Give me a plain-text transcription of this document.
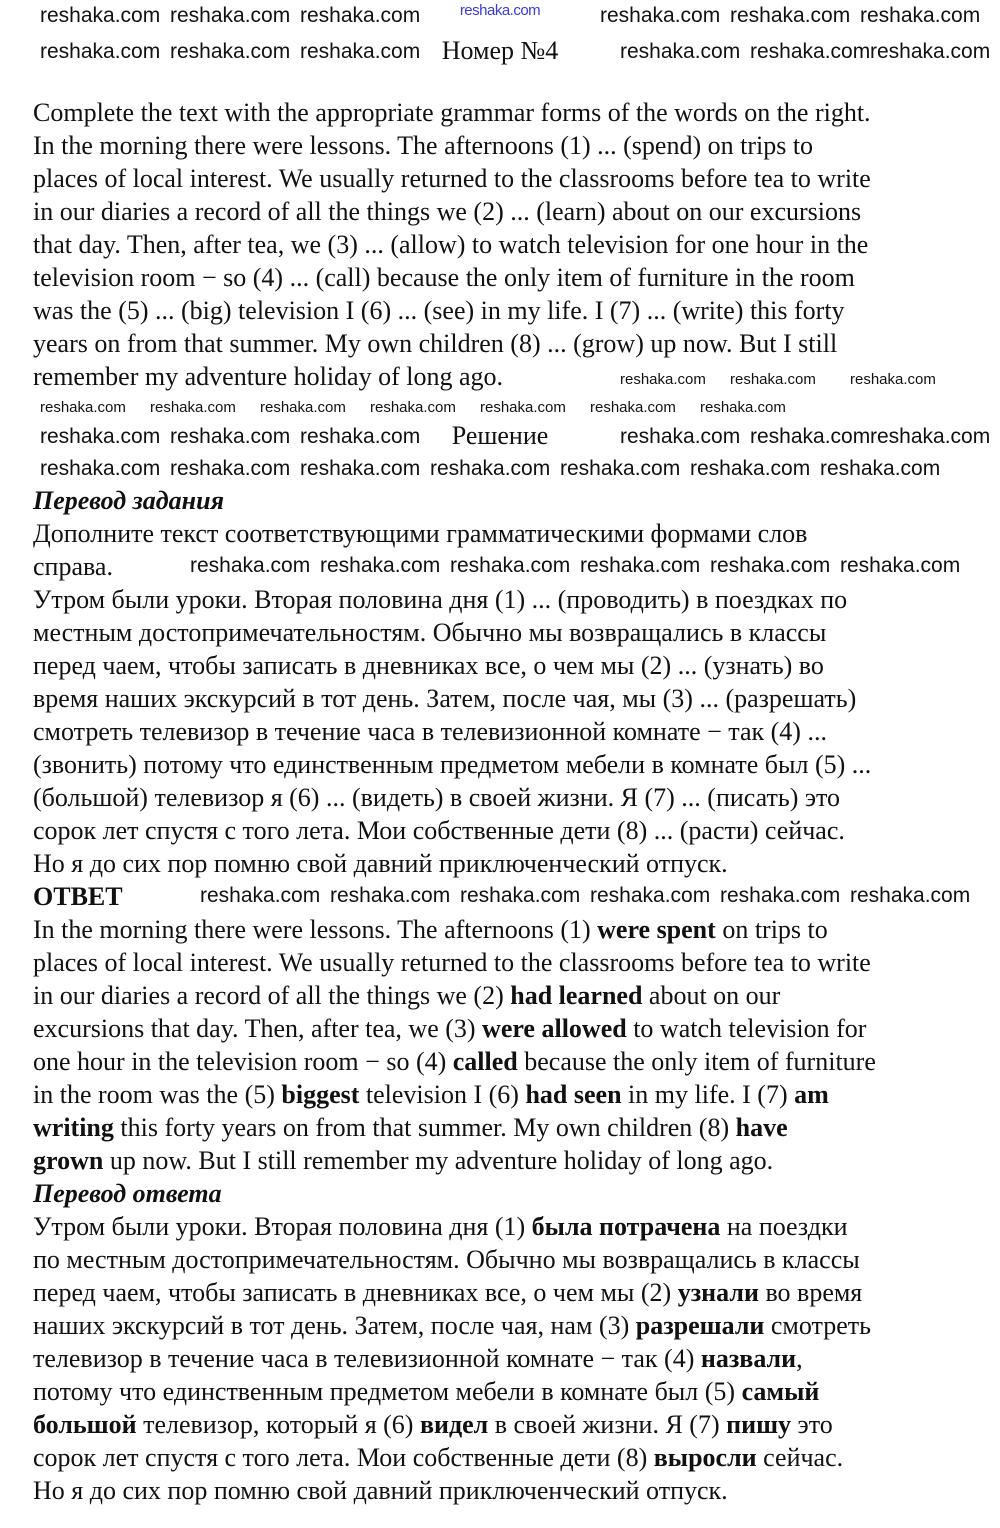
reshaka.com
Номер №4
Complete the text with the appropriate grammar forms of the words on the right.
In the morning there were lessons. The afternoons (1) ... (spend) on trips to
places of local interest. We usually returned to the classrooms before tea to write
in our diaries a record of all the things we (2) ... (learn) about on our excursions
that day. Then, after tea, we (3) ... (allow) to watch television for one hour in the
television room − so (4) ... (call) because the only item of furniture in the room
was the (5) ... (big) television I (6) ... (see) in my life. I (7) ... (write) this forty
years on from that summer. My own children (8) ... (grow) up now. But I still
remember my adventure holiday of long ago.
Решение
Перевод задания
Дополните текст соответствующими грамматическими формами слов
справа.
Утром были уроки. Вторая половина дня (1) ... (проводить) в поездках по
местным достопримечательностям. Обычно мы возвращались в классы
перед чаем, чтобы записать в дневниках все, о чем мы (2) ... (узнать) во
время наших экскурсий в тот день. Затем, после чая, мы (3) ... (разрешать)
смотреть телевизор в течение часа в телевизионной комнате − так (4) ...
(звонить) потому что единственным предметом мебели в комнате был (5) ...
(большой) телевизор я (6) ... (видеть) в своей жизни. Я (7) ... (писать) это
сорок лет спустя с того лета. Мои собственные дети (8) ... (расти) сейчас.
Но я до сих пор помню свой давний приключенческий отпуск.
ОТВЕТ
In the morning there were lessons. The afternoons (1) were spent on trips to
places of local interest. We usually returned to the classrooms before tea to write
in our diaries a record of all the things we (2) had learned about on our
excursions that day. Then, after tea, we (3) were allowed to watch television for
one hour in the television room − so (4) called because the only item of furniture
in the room was the (5) biggest television I (6) had seen in my life. I (7) am
writing this forty years on from that summer. My own children (8) have
grown up now. But I still remember my adventure holiday of long ago.
Перевод ответа
Утром были уроки. Вторая половина дня (1) была потрачена на поездки
по местным достопримечательностям. Обычно мы возвращались в классы
перед чаем, чтобы записать в дневниках все, о чем мы (2) узнали во время
наших экскурсий в тот день. Затем, после чая, нам (3) разрешали смотреть
телевизор в течение часа в телевизионной комнате − так (4) назвали,
потому что единственным предметом мебели в комнате был (5) самый
большой телевизор, который я (6) видел в своей жизни. Я (7) пишу это
сорок лет спустя с того лета. Мои собственные дети (8) выросли сейчас.
Но я до сих пор помню свой давний приключенческий отпуск.
reshaka.com reshaka.com reshaka.com	reshaka.com reshaka.com reshaka.com
reshaka.com reshaka.com reshaka.com	reshaka.com reshaka.com reshaka.com
reshaka.com reshaka.com reshaka.com
reshaka.com reshaka.com reshaka.com reshaka.com reshaka.com reshaka.com reshaka.com
reshaka.com reshaka.com reshaka.com	reshaka.com reshaka.com reshaka.com
reshaka.com reshaka.com reshaka.com reshaka.com reshaka.com reshaka.com reshaka.com
reshaka.com reshaka.com reshaka.com reshaka.com reshaka.com reshaka.com
reshaka.com reshaka.com reshaka.com reshaka.com reshaka.com reshaka.com
